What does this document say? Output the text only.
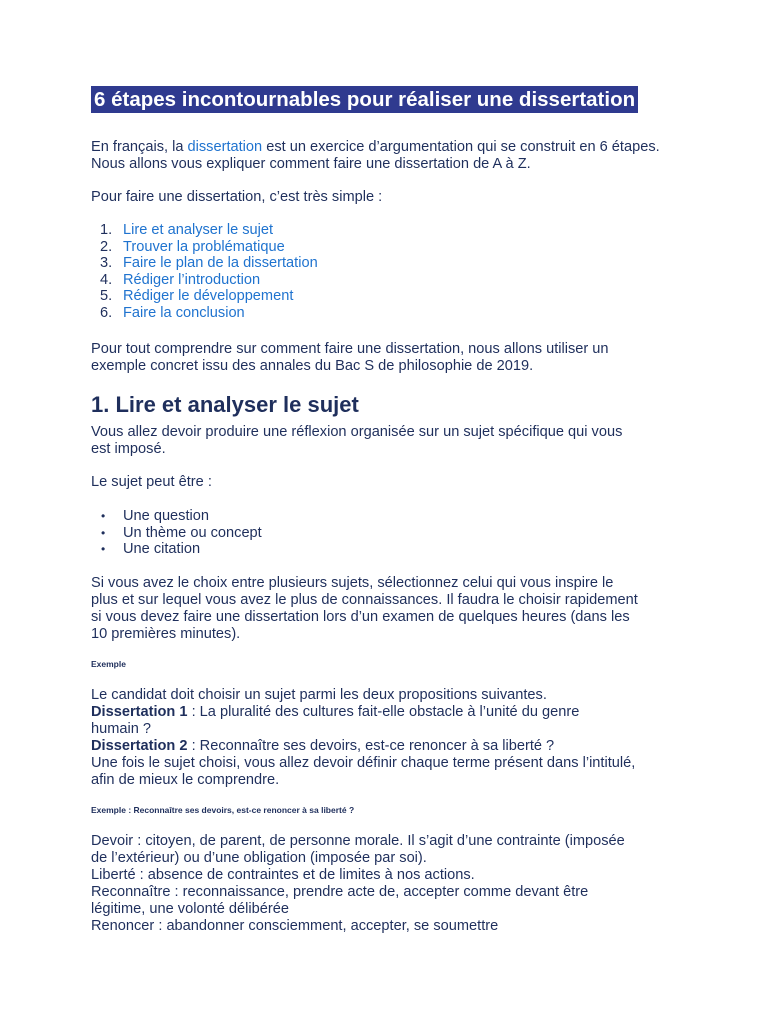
6 étapes incontournables pour réaliser une dissertation

En français, la dissertation est un exercice d’argumentation qui se construit en 6 étapes. Nous allons vous expliquer comment faire une dissertation de A à Z.

Pour faire une dissertation, c’est très simple :

1. Lire et analyser le sujet
2. Trouver la problématique
3. Faire le plan de la dissertation
4. Rédiger l’introduction
5. Rédiger le développement
6. Faire la conclusion

Pour tout comprendre sur comment faire une dissertation, nous allons utiliser un
exemple concret issu des annales du Bac S de philosophie de 2019.

1. Lire et analyser le sujet

Vous allez devoir produire une réflexion organisée sur un sujet spécifique qui vous
est imposé.

Le sujet peut être :

• Une question
• Un thème ou concept
• Une citation

Si vous avez le choix entre plusieurs sujets, sélectionnez celui qui vous inspire le
plus et sur lequel vous avez le plus de connaissances. Il faudra le choisir rapidement
si vous devez faire une dissertation lors d’un examen de quelques heures (dans les
10 premières minutes).

Exemple

Le candidat doit choisir un sujet parmi les deux propositions suivantes.
Dissertation 1 : La pluralité des cultures fait-elle obstacle à l’unité du genre
humain ?
Dissertation 2 : Reconnaître ses devoirs, est-ce renoncer à sa liberté ?
Une fois le sujet choisi, vous allez devoir définir chaque terme présent dans l’intitulé,
afin de mieux le comprendre.

Exemple : Reconnaître ses devoirs, est-ce renoncer à sa liberté ?

Devoir : citoyen, de parent, de personne morale. Il s’agit d’une contrainte (imposée
de l’extérieur) ou d’une obligation (imposée par soi).
Liberté : absence de contraintes et de limites à nos actions.
Reconnaître : reconnaissance, prendre acte de, accepter comme devant être
légitime, une volonté délibérée
Renoncer : abandonner consciemment, accepter, se soumettre
